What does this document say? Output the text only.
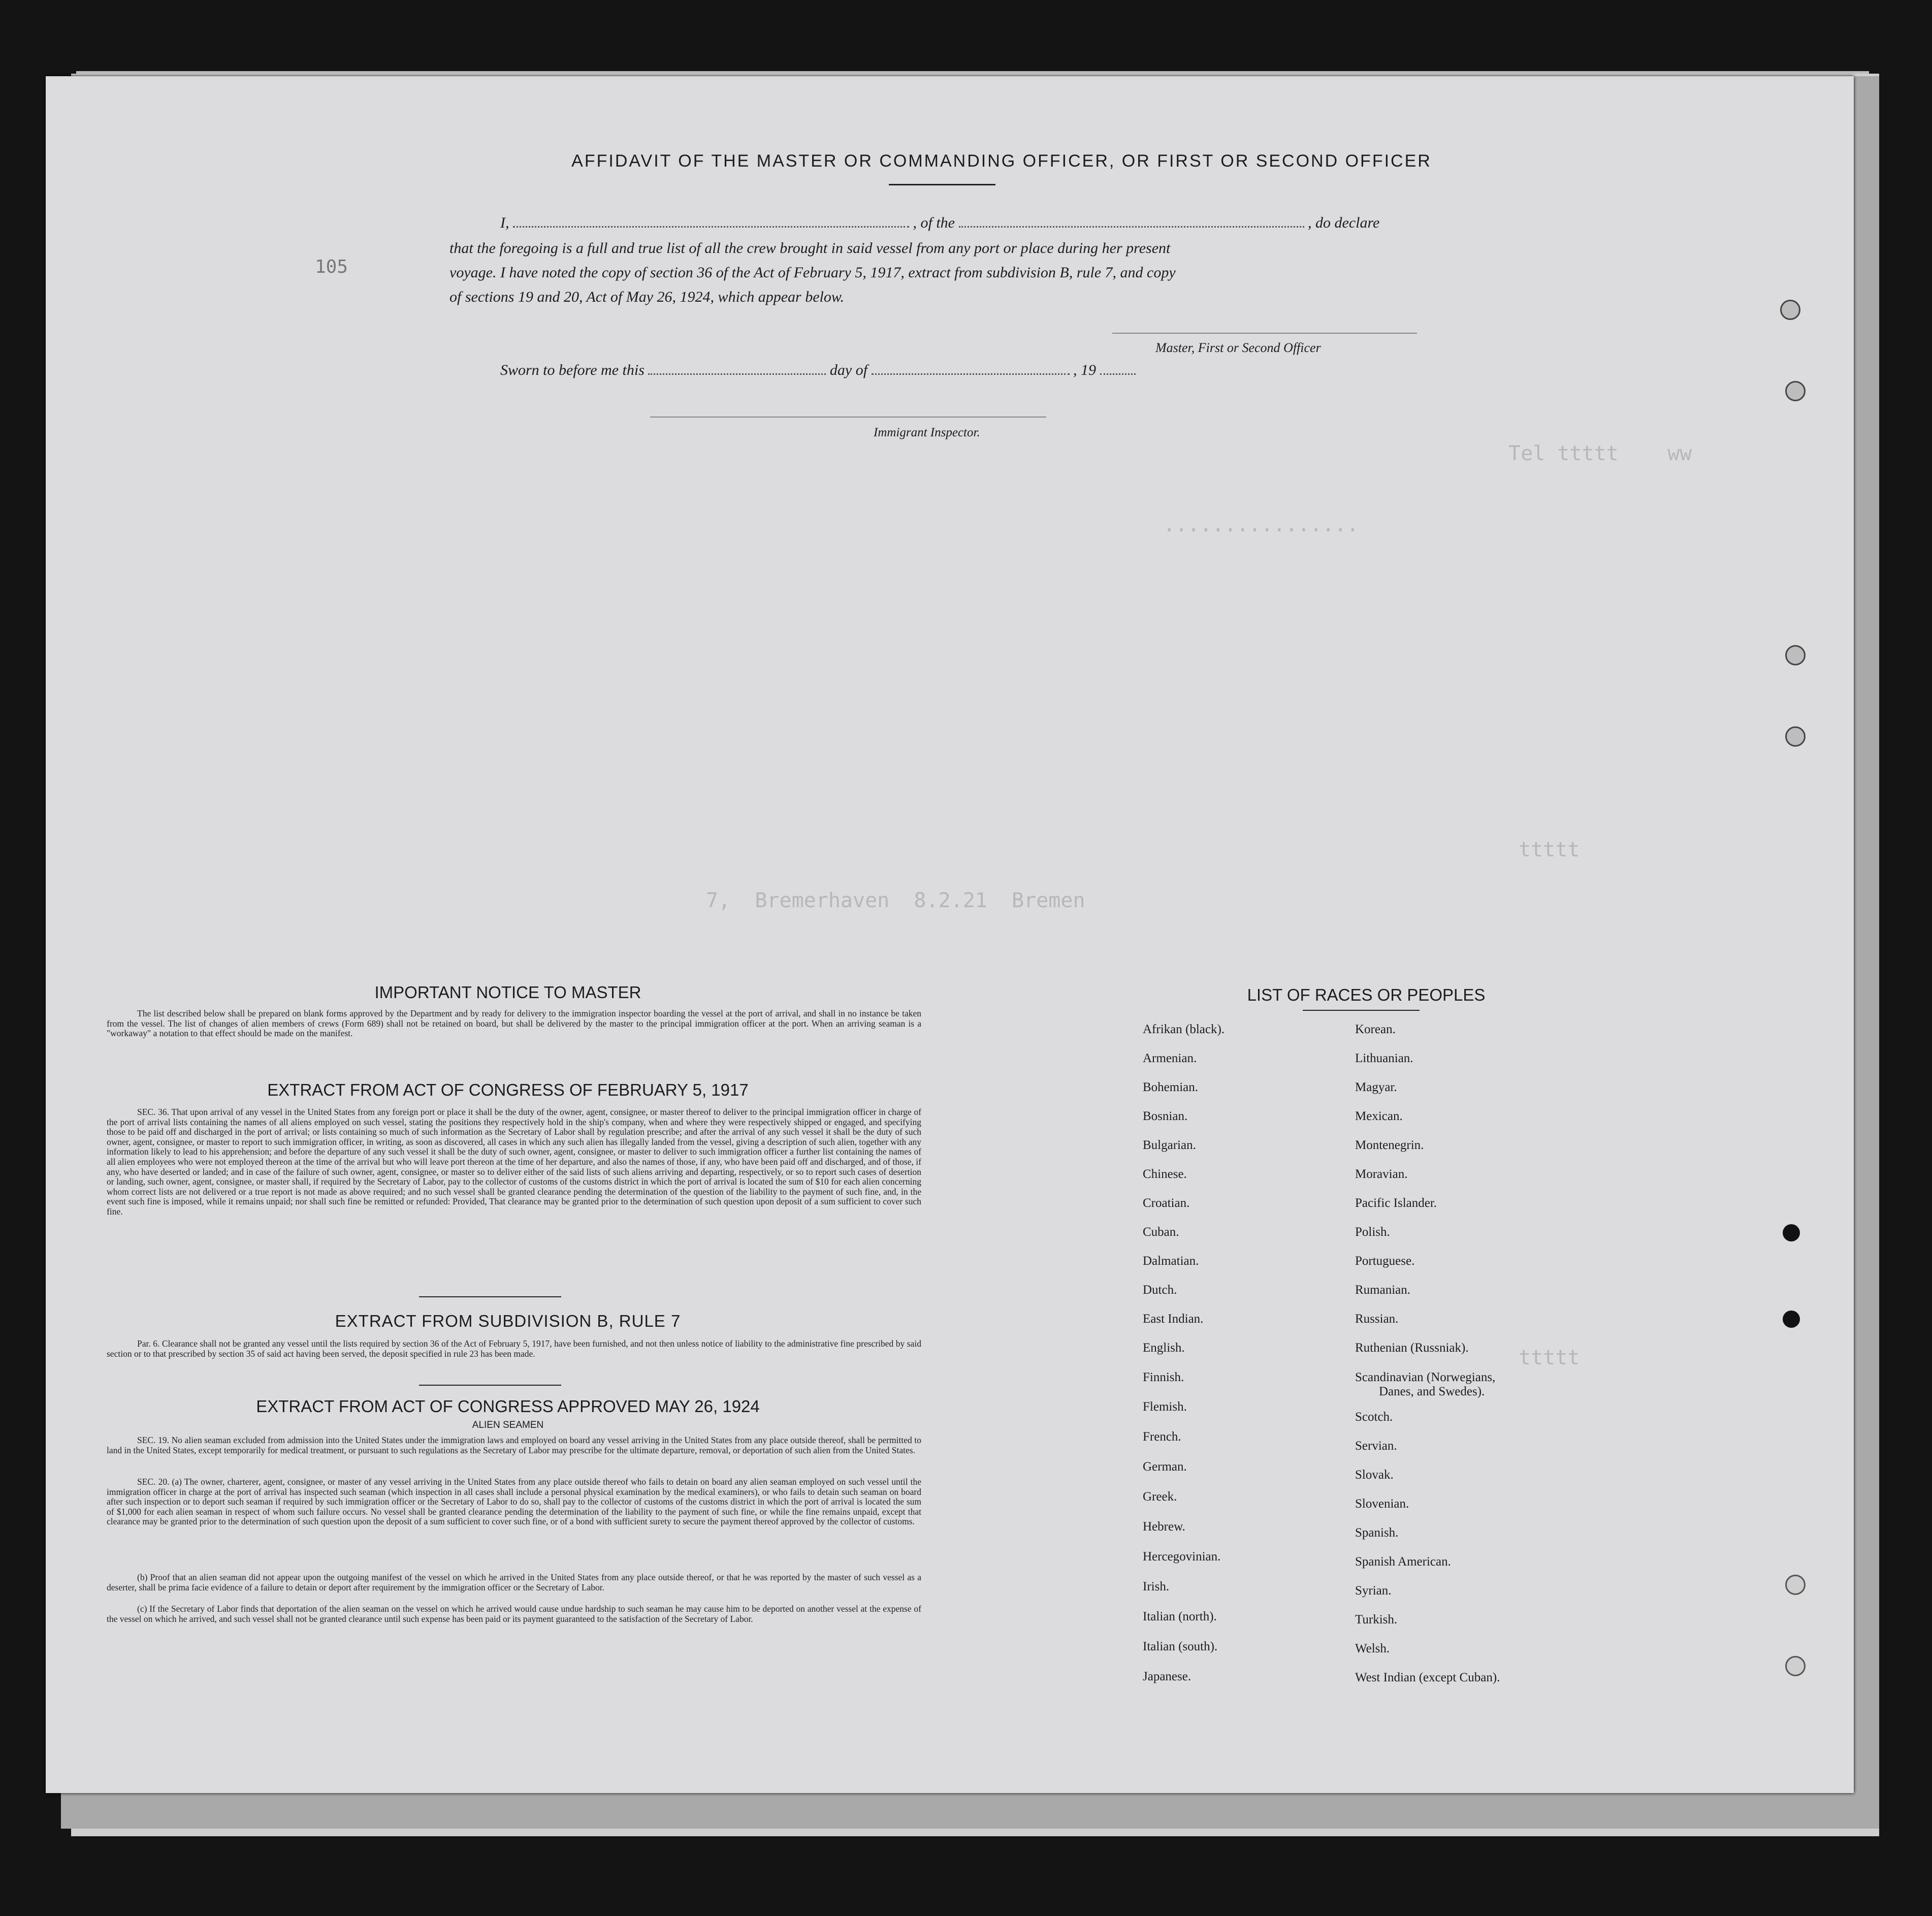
Tel ttttt    ww
................
7,  Bremerhaven  8.2.21  Bremen
ttttt
ttttt
105
AFFIDAVIT OF THE MASTER OR COMMANDING OFFICER, OR FIRST OR SECOND OFFICER
I,	, of the	, do declare
that the foregoing is a full and true list of all the crew brought in said vessel from any port or place during her present
voyage. I have noted the copy of section 36 of the Act of February 5, 1917, extract from subdivision B, rule 7, and copy
of sections 19 and 20, Act of May 26, 1924, which appear below.
Master, First or Second Officer
Sworn to before me this	day of	, 19
Immigrant Inspector.
IMPORTANT NOTICE TO MASTER
The list described below shall be prepared on blank forms approved by the Department and by ready for delivery to the immigration inspector boarding the vessel at the port of arrival, and shall in no instance be taken from the vessel. The list of changes of alien members of crews (Form 689) shall not be retained on board, but shall be delivered by the master to the principal immigration officer at the port. When an arriving seaman is a "workaway" a notation to that effect should be made on the manifest.
EXTRACT FROM ACT OF CONGRESS OF FEBRUARY 5, 1917
SEC. 36. That upon arrival of any vessel in the United States from any foreign port or place it shall be the duty of the owner, agent, consignee, or master thereof to deliver to the principal immigration officer in charge of the port of arrival lists containing the names of all aliens employed on such vessel, stating the positions they respectively hold in the ship's company, when and where they were respectively shipped or engaged, and specifying those to be paid off and discharged in the port of arrival; or lists containing so much of such information as the Secretary of Labor shall by regulation prescribe; and after the arrival of any such vessel it shall be the duty of such owner, agent, consignee, or master to report to such immigration officer, in writing, as soon as discovered, all cases in which any such alien has illegally landed from the vessel, giving a description of such alien, together with any information likely to lead to his apprehension; and before the departure of any such vessel it shall be the duty of such owner, agent, consignee, or master to deliver to such immigration officer a further list containing the names of all alien employees who were not employed thereon at the time of the arrival but who will leave port thereon at the time of her departure, and also the names of those, if any, who have been paid off and discharged, and of those, if any, who have deserted or landed; and in case of the failure of such owner, agent, consignee, or master so to deliver either of the said lists of such aliens arriving and departing, respectively, or so to report such cases of desertion or landing, such owner, agent, consignee, or master shall, if required by the Secretary of Labor, pay to the collector of customs of the customs district in which the port of arrival is located the sum of $10 for each alien concerning whom correct lists are not delivered or a true report is not made as above required; and no such vessel shall be granted clearance pending the determination of the question of the liability to the payment of such fine, and, in the event such fine is imposed, while it remains unpaid; nor shall such fine be remitted or refunded: Provided, That clearance may be granted prior to the determination of such question upon deposit of a sum sufficient to cover such fine.
EXTRACT FROM SUBDIVISION B, RULE 7
Par. 6. Clearance shall not be granted any vessel until the lists required by section 36 of the Act of February 5, 1917, have been furnished, and not then unless notice of liability to the administrative fine prescribed by said section or to that prescribed by section 35 of said act having been served, the deposit specified in rule 23 has been made.
EXTRACT FROM ACT OF CONGRESS APPROVED MAY 26, 1924
ALIEN SEAMEN
SEC. 19. No alien seaman excluded from admission into the United States under the immigration laws and employed on board any vessel arriving in the United States from any place outside thereof, shall be permitted to land in the United States, except temporarily for medical treatment, or pursuant to such regulations as the Secretary of Labor may prescribe for the ultimate departure, removal, or deportation of such alien from the United States.
SEC. 20. (a) The owner, charterer, agent, consignee, or master of any vessel arriving in the United States from any place outside thereof who fails to detain on board any alien seaman employed on such vessel until the immigration officer in charge at the port of arrival has inspected such seaman (which inspection in all cases shall include a personal physical examination by the medical examiners), or who fails to detain such seaman on board after such inspection or to deport such seaman if required by such immigration officer or the Secretary of Labor to do so, shall pay to the collector of customs of the customs district in which the port of arrival is located the sum of $1,000 for each alien seaman in respect of whom such failure occurs. No vessel shall be granted clearance pending the determination of the liability to the payment of such fine, or while the fine remains unpaid, except that clearance may be granted prior to the determination of such question upon the deposit of a sum sufficient to cover such fine, or of a bond with sufficient surety to secure the payment thereof approved by the collector of customs.
(b) Proof that an alien seaman did not appear upon the outgoing manifest of the vessel on which he arrived in the United States from any place outside thereof, or that he was reported by the master of such vessel as a deserter, shall be prima facie evidence of a failure to detain or deport after requirement by the immigration officer or the Secretary of Labor.
(c) If the Secretary of Labor finds that deportation of the alien seaman on the vessel on which he arrived would cause undue hardship to such seaman he may cause him to be deported on another vessel at the expense of the vessel on which he arrived, and such vessel shall not be granted clearance until such expense has been paid or its payment guaranteed to the satisfaction of the Secretary of Labor.
LIST OF RACES OR PEOPLES
Afrikan (black).
Armenian.
Bohemian.
Bosnian.
Bulgarian.
Chinese.
Croatian.
Cuban.
Dalmatian.
Dutch.
East Indian.
English.
Finnish.
Flemish.
French.
German.
Greek.
Hebrew.
Hercegovinian.
Irish.
Italian (north).
Italian (south).
Japanese.
Korean.
Lithuanian.
Magyar.
Mexican.
Montenegrin.
Moravian.
Pacific Islander.
Polish.
Portuguese.
Rumanian.
Russian.
Ruthenian (Russniak).
Scandinavian (Norwegians,
Danes, and Swedes).
Scotch.
Servian.
Slovak.
Slovenian.
Spanish.
Spanish American.
Syrian.
Turkish.
Welsh.
West Indian (except Cuban).
